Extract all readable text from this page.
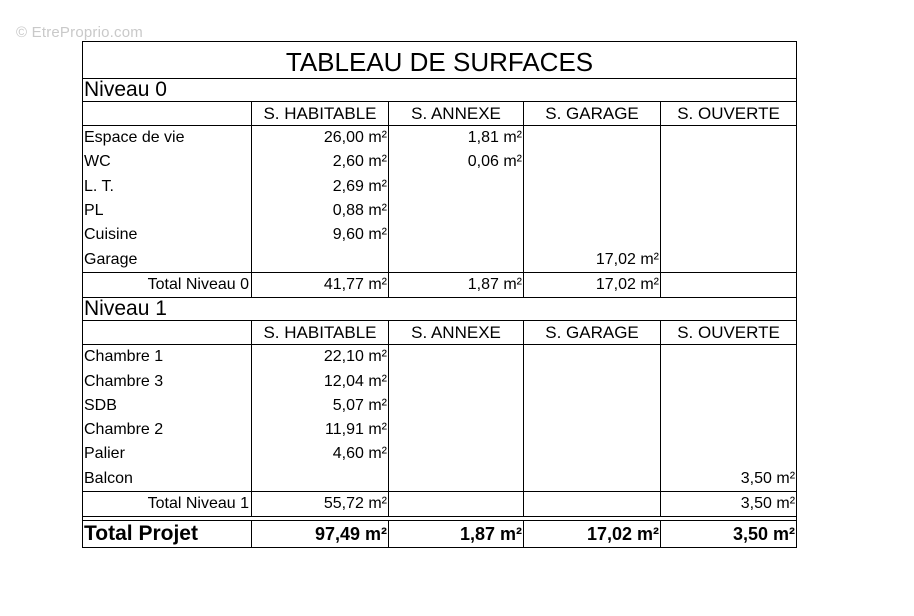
© EtreProprio.com
TABLEAU DE SURFACES				
Niveau 0				
	S. HABITABLE	S. ANNEXE	S. GARAGE	S. OUVERTE
Espace de vie	26,00 m²	1,81 m²		
WC	2,60 m²	0,06 m²		
L. T.	2,69 m²			
PL	0,88 m²			
Cuisine	9,60 m²			
Garage			17,02 m²	
Total Niveau 0	41,77 m²	1,87 m²	17,02 m²	
Niveau 1				
	S. HABITABLE	S. ANNEXE	S. GARAGE	S. OUVERTE
Chambre 1	22,10 m²			
Chambre 3	12,04 m²			
SDB	5,07 m²			
Chambre 2	11,91 m²			
Palier	4,60 m²			
Balcon				3,50 m²
Total Niveau 1	55,72 m²			3,50 m²

Total Projet	97,49 m²	1,87 m²	17,02 m²	3,50 m²
